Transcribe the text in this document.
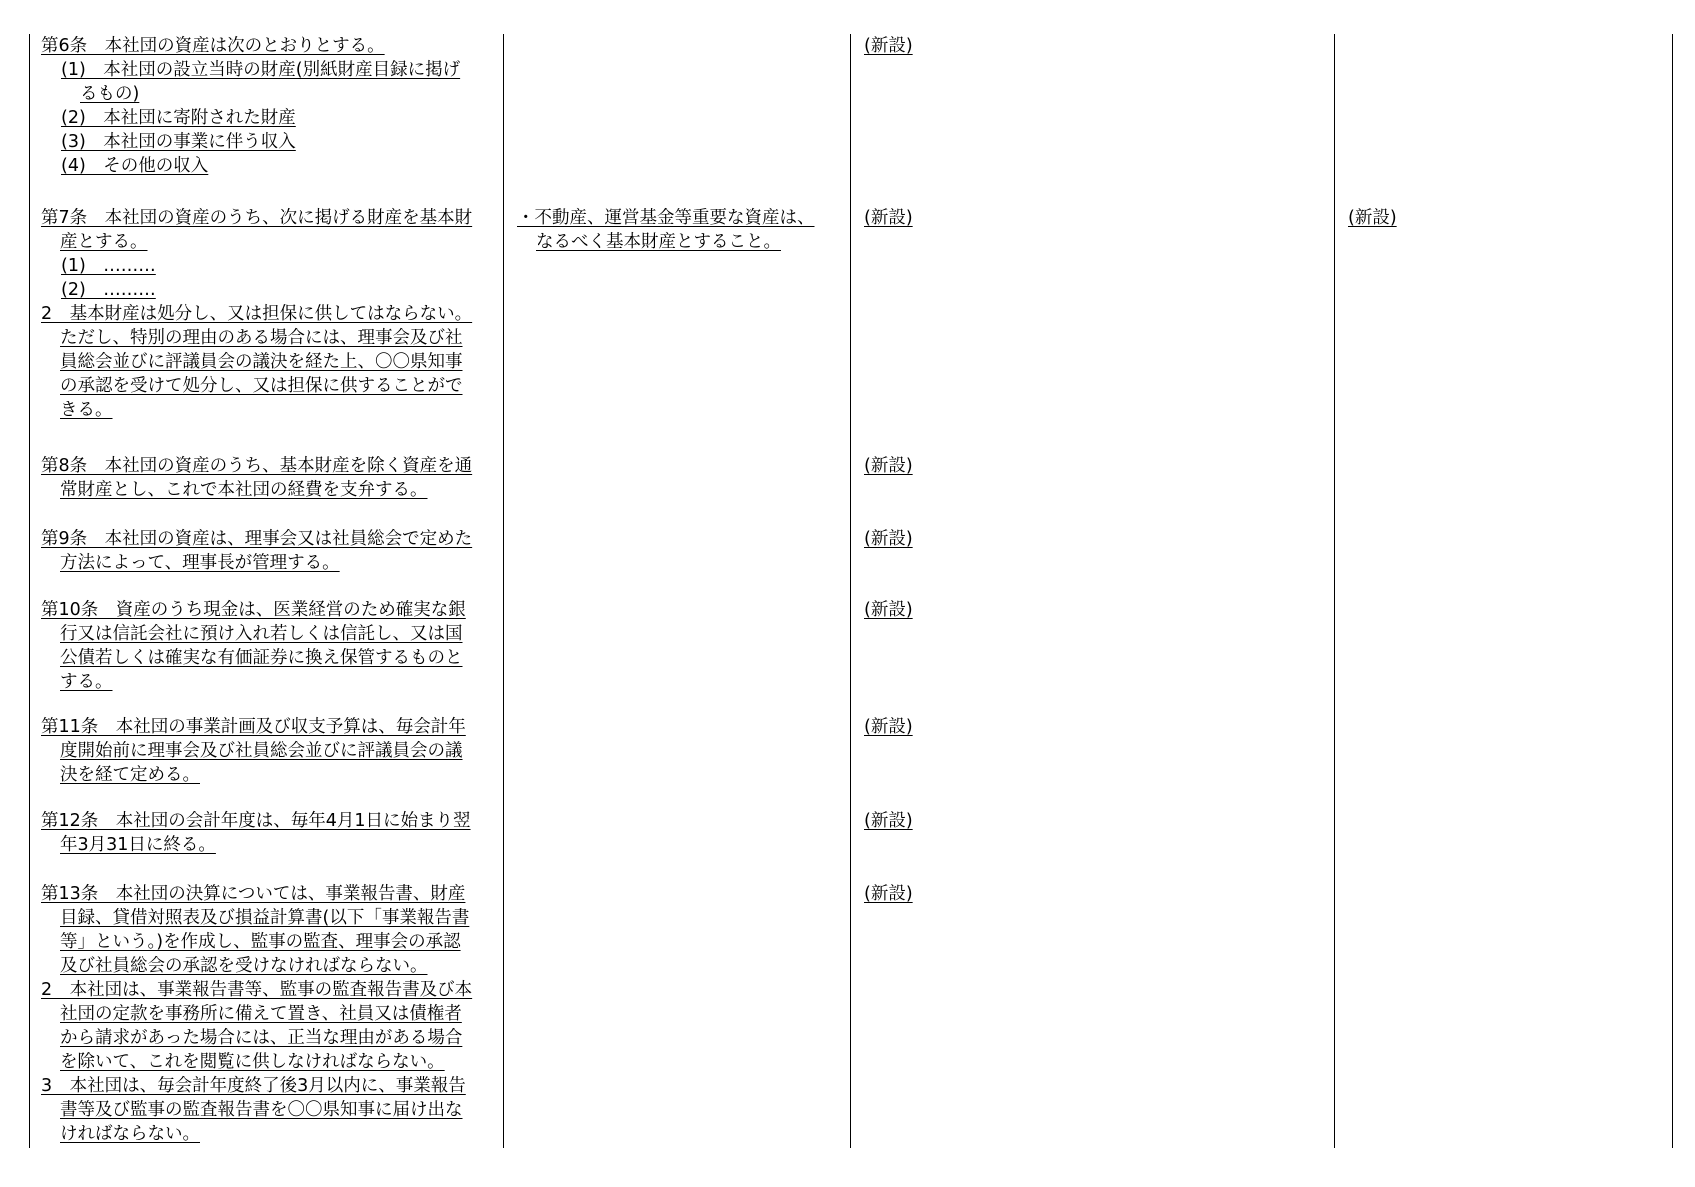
第6条　本社団の資産は次のとおりとする。
(1)　本社団の設立当時の財産(別紙財産目録に掲げ
るもの)
(2)　本社団に寄附された財産
(3)　本社団の事業に伴う収入
(4)　その他の収入
第7条　本社団の資産のうち、次に掲げる財産を基本財
産とする。
(1)　………
(2)　………
2　基本財産は処分し、又は担保に供してはならない。
ただし、特別の理由のある場合には、理事会及び社
員総会並びに評議員会の議決を経た上、〇〇県知事
の承認を受けて処分し、又は担保に供することがで
きる。
第8条　本社団の資産のうち、基本財産を除く資産を通
常財産とし、これで本社団の経費を支弁する。
第9条　本社団の資産は、理事会又は社員総会で定めた
方法によって、理事長が管理する。
第10条　資産のうち現金は、医業経営のため確実な銀
行又は信託会社に預け入れ若しくは信託し、又は国
公債若しくは確実な有価証券に換え保管するものと
する。
第11条　本社団の事業計画及び収支予算は、毎会計年
度開始前に理事会及び社員総会並びに評議員会の議
決を経て定める。
第12条　本社団の会計年度は、毎年4月1日に始まり翌
年3月31日に終る。
第13条　本社団の決算については、事業報告書、財産
目録、貸借対照表及び損益計算書(以下「事業報告書
等」という。)を作成し、監事の監査、理事会の承認
及び社員総会の承認を受けなければならない。
2　本社団は、事業報告書等、監事の監査報告書及び本
社団の定款を事務所に備えて置き、社員又は債権者
から請求があった場合には、正当な理由がある場合
を除いて、これを閲覧に供しなければならない。
3　本社団は、毎会計年度終了後3月以内に、事業報告
書等及び監事の監査報告書を〇〇県知事に届け出な
ければならない。
・不動産、運営基金等重要な資産は、
なるべく基本財産とすること。
(新設)
(新設)
(新設)
(新設)
(新設)
(新設)
(新設)
(新設)
(新設)
